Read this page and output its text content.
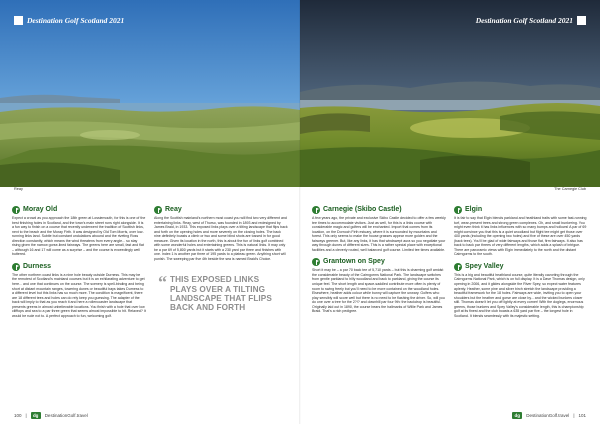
Destination Golf Scotland 2021
Reay
Moray Old

Expect a crowd as you approach the 18th green at Lossiemouth, for this is one of the best finishing holes in Scotland, and the town's main street runs right alongside. It is a fun way to finish on a course that recently underwent the tradition of Scottish links, next to the beach and the Moray Firth. It was designed by Old Tom Morris, over low-running links land. Subtle but constant undulations abound and the riveting Ross direction constantly, which means the wind threatens from every angle... so stay rising given the narrow gorse-lined fairways. The greens here are small, fast and flat – although 16 and 17 will come as a surprise – and the course is exceedingly well buttered.

Durness

The other northern coast links is a nine hole beauty outside Durness. This may be the remotest of Scotland's mainland courses but it is an exhilarating adventure to get here... and one that continues on the course. The scenery is spell-binding and being short at distant mountain ranges, towering dunes or beautiful bays takes Durness to a different level but this links has so much more. The condition is magnificent, there are 18 different tees and holes can do rely keep you guessing. The adapter of the back will imply to that as you reach it and here a rollercoaster landscape that presents greens in almost unbelievable locations. You finish with a hole that over low clifftops and sea to a par three green that seems almost impossible to hit. Relaxed? It would be rude not to. A perfect approach to fun, welcoming golf.

Reay

Along the Scottish mainland's northern most coast you will find two very different and entertaining links. Reay, west of Thurso, was founded in 1893 and redesigned by James Braid, in 1933. This exposed links plays over a tilting landscape that flips back and forth on the opening holes and more severely on the closing holes. The back nine definitely boasts a climb or two and some blind shots are tossed in for good measure. Given its location in the north, this is about the fun of links golf combined with some wonderful holes and entertaining greens. This is natural links. It may only be a par 69 of 5,800 yards but it starts with a 230 yard par three and finishes with one. Index 1 is another par three of 195 yards to a plateau green. Anything short will punish. The sweeping par five 4th beside the sea is named Braid's Choice.

“ THIS EXPOSED LINKS PLAYS OVER A TILTING LANDSCAPE THAT FLIPS BACK AND FORTH
100 |	dg	DestinationGolf.travel
Destination Golf Scotland 2021
The Carnegie Club
Carnegie (Skibo Castle)

A few years ago, the private and exclusive Skibo Castle decided to offer a few weekly tee times to accommodate visitors. Just as well, for this is a links course with considerable magic and golfers will be enchanted. Import that comes from its location, on the Dornoch Firth estuary, where it is surrounded by mountains and forest. This only seems to make the house grasses appear more golden and the fairways greener. But, like any links, it has that windswept aura so you negotiate your way through dunes of different sizes. This is a rather special place with exceptional facilities and a cleverly routed, well balanced golf course. Limited tee times available.

Grantown on Spey

Short it may be – a par 70 back tee of 5,710 yards – but this is charming golf amidst the considerable beauty of the Cairngorms National Park. The landscape switches from gentle parkland to hilly woodland and back to parkland, giving the course its unique feel. The short length and space-saddled contribute more often is plenty of room to swing freely but you'll need to be more contained on the woodland holes. Elsewhere, heather adds colour while bunny will capture the unwary. Golfers who play sensibly will score well but there is no need to be flashing the driver. So, will you do one over a tree for the 2?!? and downhill par four 9th: the backdrop is beautiful. Originally laid out in 1890, the course bears the hallmarks of Willie Park and James Braid. That's a rich pedigree.

Elgin

It is fair to say that Elgin blends parkland and heathland traits with some fast-running turf, wear-present trees and strong green complexes. Oh, and small bunkering. You might even think it has links influences with so many bumps and hollows! A par of 69 might convince you that this is a quiet woodland but flight tee might get those over 400 yards (including the opening two holes) and five of these are over 450 yards (back tees). You'll be glad of wide fairways and those flat, firm fairways. It also has back to back par threes of very different lengths, which adds a splash of intrigue. There are panoramic views with Elgin immediately to the north and the distant Cairngorms to the south.

Spey Valley

This is a big and beautiful heathland course, quite literally cavorting through the Cairngorms National Park, which is on full display. It is a Dave Thomas design, only opening in 2006, and it glides alongside the River Spey, so expect water features aplenty. Heather, some pine and silver birch stretch the landscape providing a beautiful framework for the 18 holes. Fairways are wide, inviting you to open your shoulders but the heather and gorse are close by... and the wicked bunkers closer still. Thomas doesn't let you off lightly at every corner! With the doglegs, enormous greens, those bunkers and Spey Valley's considerable length, this is championship golf at its finest and the club boasts a 635 yard par five – the longest hole in Scotland. It blends seamlessly with its majestic setting.

dg	DestinationGolf.travel | 101
